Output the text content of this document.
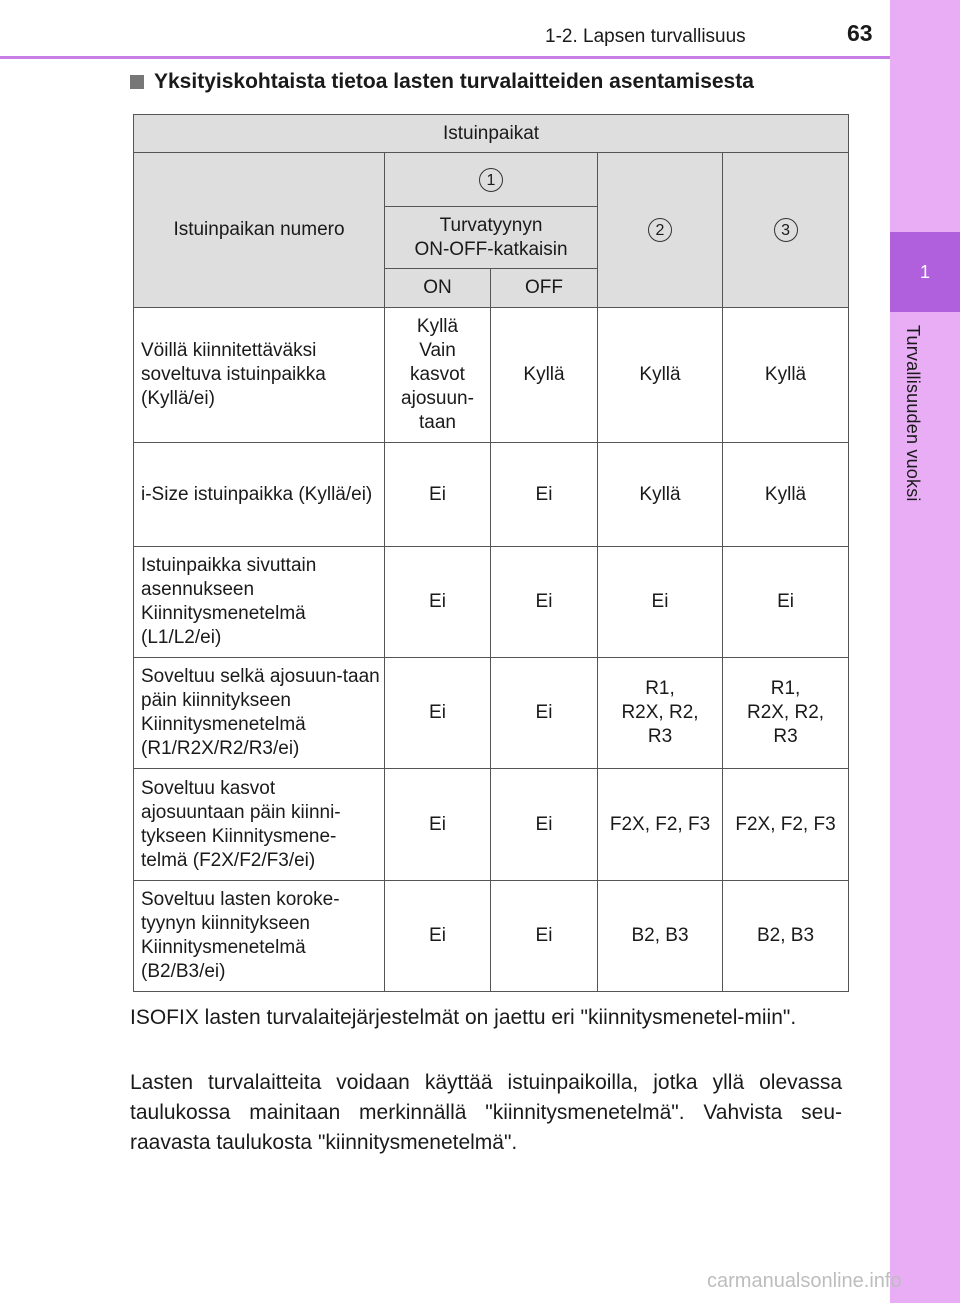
1-2. Lapsen turvallisuus	63
1
Turvallisuuden vuoksi
Yksityiskohtaista tietoa lasten turvalaitteiden asentamisesta
Istuinpaikat				
Istuinpaikan numero	1		2	3
	Turvatyynyn
ON-OFF-katkaisin			
	ON	OFF		
Vöillä kiinnitettäväksi soveltuva istuinpaikka (Kyllä/ei)	Kyllä
Vain kasvot ajosuun-taan	Kyllä	Kyllä	Kyllä
i-Size istuinpaikka (Kyllä/ei)	Ei	Ei	Kyllä	Kyllä
Istuinpaikka sivuttain asennukseen Kiinnitysmenetelmä (L1/L2/ei)	Ei	Ei	Ei	Ei
Soveltuu selkä ajosuun-taan päin kiinnitykseen Kiinnitysmenetelmä (R1/R2X/R2/R3/ei)	Ei	Ei	R1,
R2X, R2,
R3	R1,
R2X, R2,
R3
Soveltuu kasvot ajosuuntaan päin kiinni-tykseen Kiinnitysmene-telmä (F2X/F2/F3/ei)	Ei	Ei	F2X, F2, F3	F2X, F2, F3
Soveltuu lasten koroke-tyynyn kiinnitykseen Kiinnitysmenetelmä (B2/B3/ei)	Ei	Ei	B2, B3	B2, B3

ISOFIX lasten turvalaitejärjestelmät on jaettu eri "kiinnitysmenetel-miin".

Lasten turvalaitteita voidaan käyttää istuinpaikoilla, jotka yllä olevassa taulukossa mainitaan merkinnällä "kiinnitysmenetelmä". Vahvista seu-raavasta taulukosta "kiinnitysmenetelmä".

carmanualsonline.info
